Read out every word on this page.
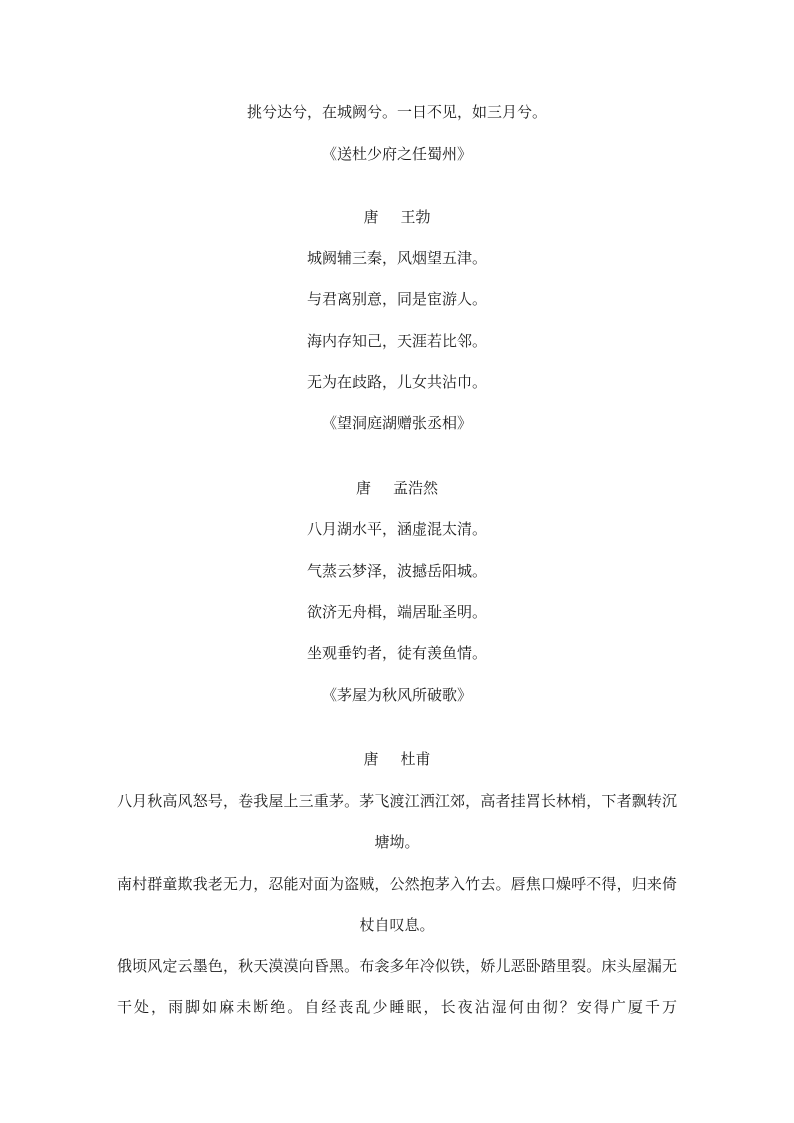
挑兮达兮，在城阙兮。一日不见，如三月兮。
《送杜少府之任蜀州》
唐 王勃
城阙辅三秦，风烟望五津。
与君离别意，同是宦游人。
海内存知己，天涯若比邻。
无为在歧路，儿女共沾巾。
《望洞庭湖赠张丞相》
唐 孟浩然
八月湖水平，涵虚混太清。
气蒸云梦泽，波撼岳阳城。
欲济无舟楫，端居耻圣明。
坐观垂钓者，徒有羡鱼情。
《茅屋为秋风所破歌》
唐 杜甫
八月秋高风怒号，卷我屋上三重茅。茅飞渡江洒江郊，高者挂罥长林梢，下者飘转沉塘坳。
南村群童欺我老无力，忍能对面为盗贼，公然抱茅入竹去。唇焦口燥呼不得，归来倚杖自叹息。
俄顷风定云墨色，秋天漠漠向昏黑。布衾多年冷似铁，娇儿恶卧踏里裂。床头屋漏无干处，雨脚如麻未断绝。自经丧乱少睡眠，长夜沾湿何由彻？安得广厦千万
